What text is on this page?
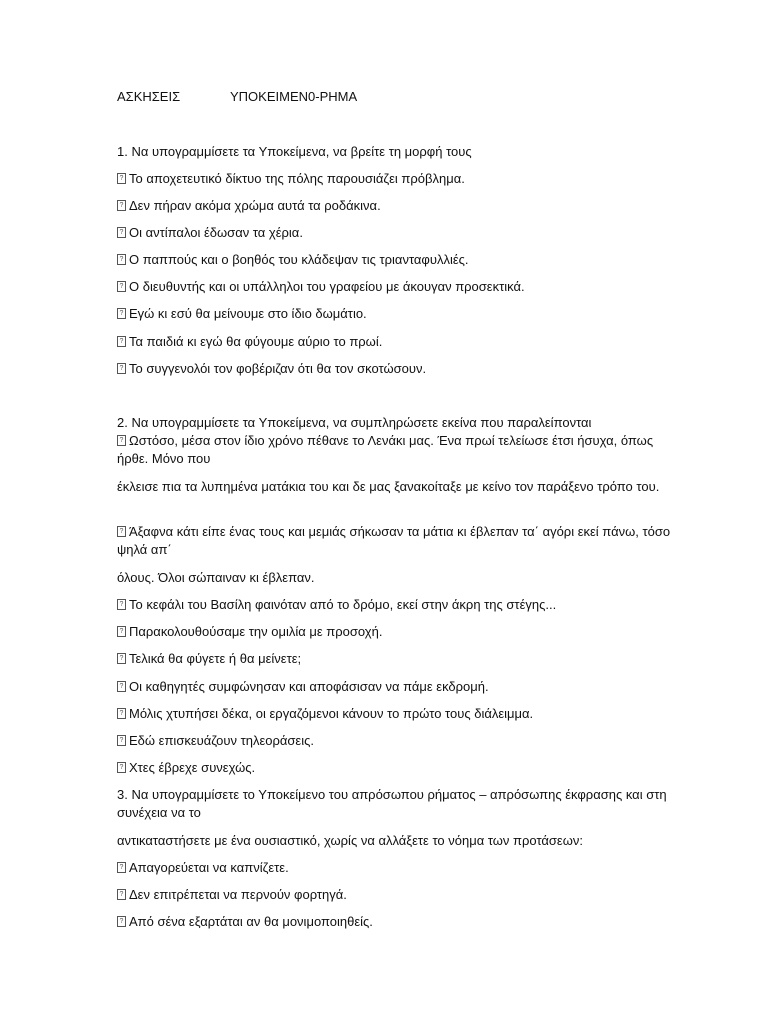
ΑΣΚΗΣΕΙΣ	ΥΠΟΚΕΙΜΕΝ0-ΡΗΜΑ
1. Να υπογραμμίσετε τα Υποκείμενα, να βρείτε τη μορφή τους
?Το αποχετευτικό δίκτυο της πόλης παρουσιάζει πρόβλημα.
?Δεν πήραν ακόμα χρώμα αυτά τα ροδάκινα.
?Οι αντίπαλοι έδωσαν τα χέρια.
?Ο παππούς και ο βοηθός του κλάδεψαν τις τριανταφυλλιές.
?Ο διευθυντής και οι υπάλληλοι του γραφείου με άκουγαν προσεκτικά.
?Εγώ κι εσύ θα μείνουμε στο ίδιο δωμάτιο.
?Τα παιδιά κι εγώ θα φύγουμε αύριο το πρωί.
?Το συγγενολόι τον φοβέριζαν ότι θα τον σκοτώσουν.
2. Να υπογραμμίσετε τα Υποκείμενα, να συμπληρώσετε εκείνα που παραλείπονται
?Ωστόσο, μέσα στον ίδιο χρόνο πέθανε το Λενάκι μας. Ένα πρωί τελείωσε έτσι ήσυχα, όπως ήρθε. Μόνο που
έκλεισε πια τα λυπημένα ματάκια του και δε μας ξανακοίταξε με κείνο τον παράξενο τρόπο του.
?Άξαφνα κάτι είπε ένας τους και μεμιάς σήκωσαν τα μάτια κι έβλεπαν τα΄ αγόρι εκεί πάνω, τόσο ψηλά απ΄
όλους. Όλοι σώπαιναν κι έβλεπαν.
?Το κεφάλι του Βασίλη φαινόταν από το δρόμο, εκεί στην άκρη της στέγης...
?Παρακολουθούσαμε την ομιλία με προσοχή.
?Τελικά θα φύγετε ή θα μείνετε;
?Οι καθηγητές συμφώνησαν και αποφάσισαν να πάμε εκδρομή.
?Μόλις χτυπήσει δέκα, οι εργαζόμενοι κάνουν το πρώτο τους διάλειμμα.
?Εδώ επισκευάζουν τηλεοράσεις.
?Χτες έβρεχε συνεχώς.
3. Να υπογραμμίσετε το Υποκείμενο του απρόσωπου ρήματος – απρόσωπης έκφρασης και στη συνέχεια να το
αντικαταστήσετε με ένα ουσιαστικό, χωρίς να αλλάξετε το νόημα των προτάσεων:
?Απαγορεύεται να καπνίζετε.
?Δεν επιτρέπεται να περνούν φορτηγά.
?Από σένα εξαρτάται αν θα μονιμοποιηθείς.
